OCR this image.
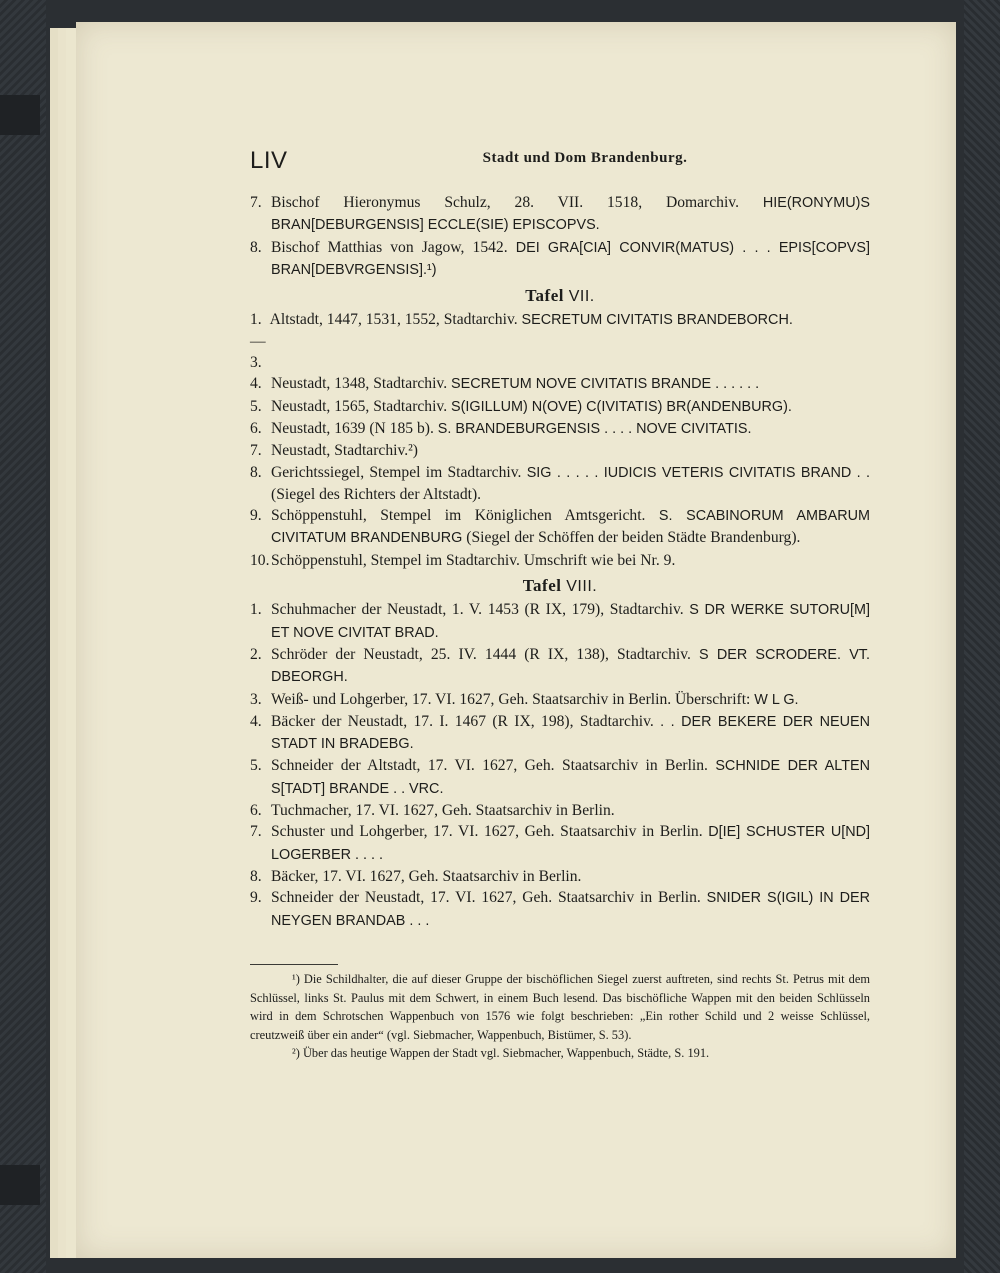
LIV	Stadt und Dom Brandenburg.
7. Bischof Hieronymus Schulz, 28. VII. 1518, Domarchiv. HIE(RONYMU)S BRAN[DEBURGENSIS] ECCLE(SIE) EPISCOPVS.
8. Bischof Matthias von Jagow, 1542. DEI GRA[CIA] CONVIR(MATUS) . . . EPIS[COPVS] BRAN[DEBVRGENSIS].¹)
Tafel VII.
1.—3.
Altstadt, 1447, 1531, 1552, Stadtarchiv. SECRETUM CIVITATIS BRANDEBORCH.
4. Neustadt, 1348, Stadtarchiv. SECRETUM NOVE CIVITATIS BRANDE . . . . . .
5. Neustadt, 1565, Stadtarchiv. S(IGILLUM) N(OVE) C(IVITATIS) BR(ANDENBURG).
6. Neustadt, 1639 (N 185 b). S. BRANDEBURGENSIS . . . . NOVE CIVITATIS.
7. Neustadt, Stadtarchiv.²)
8. Gerichtssiegel, Stempel im Stadtarchiv. SIG . . . . . IUDICIS VETERIS CIVITATIS BRAND . . (Siegel des Richters der Altstadt).
9. Schöppenstuhl, Stempel im Königlichen Amtsgericht. S. SCABINORUM AMBARUM CIVITATUM BRANDENBURG (Siegel der Schöffen der beiden Städte Brandenburg).
10. Schöppenstuhl, Stempel im Stadtarchiv. Umschrift wie bei Nr. 9.
Tafel VIII.
1. Schuhmacher der Neustadt, 1. V. 1453 (R IX, 179), Stadtarchiv. S DR WERKE SUTORU[M] ET NOVE CIVITAT BRAD.
2. Schröder der Neustadt, 25. IV. 1444 (R IX, 138), Stadtarchiv. S DER SCRODERE. VT. DBEORGH.
3. Weiß- und Lohgerber, 17. VI. 1627, Geh. Staatsarchiv in Berlin. Überschrift: W L G.
4. Bäcker der Neustadt, 17. I. 1467 (R IX, 198), Stadtarchiv. . . DER BEKERE DER NEUEN STADT IN BRADEBG.
5. Schneider der Altstadt, 17. VI. 1627, Geh. Staatsarchiv in Berlin. SCHNIDE DER ALTEN S[TADT] BRANDE . . VRC.
6. Tuchmacher, 17. VI. 1627, Geh. Staatsarchiv in Berlin.
7. Schuster und Lohgerber, 17. VI. 1627, Geh. Staatsarchiv in Berlin. D[IE] SCHUSTER U[ND] LOGERBER . . . .
8. Bäcker, 17. VI. 1627, Geh. Staatsarchiv in Berlin.
9. Schneider der Neustadt, 17. VI. 1627, Geh. Staatsarchiv in Berlin. SNIDER S(IGIL) IN DER NEYGEN BRANDAB . . .

¹) Die Schildhalter, die auf dieser Gruppe der bischöflichen Siegel zuerst auftreten, sind rechts St. Petrus mit dem Schlüssel, links St. Paulus mit dem Schwert, in einem Buch lesend. Das bischöfliche Wappen mit den beiden Schlüsseln wird in dem Schrotschen Wappenbuch von 1576 wie folgt beschrieben: „Ein rother Schild und 2 weisse Schlüssel, creutzweiß über ein ander“ (vgl. Siebmacher, Wappenbuch, Bistümer, S. 53).

²) Über das heutige Wappen der Stadt vgl. Siebmacher, Wappenbuch, Städte, S. 191.
